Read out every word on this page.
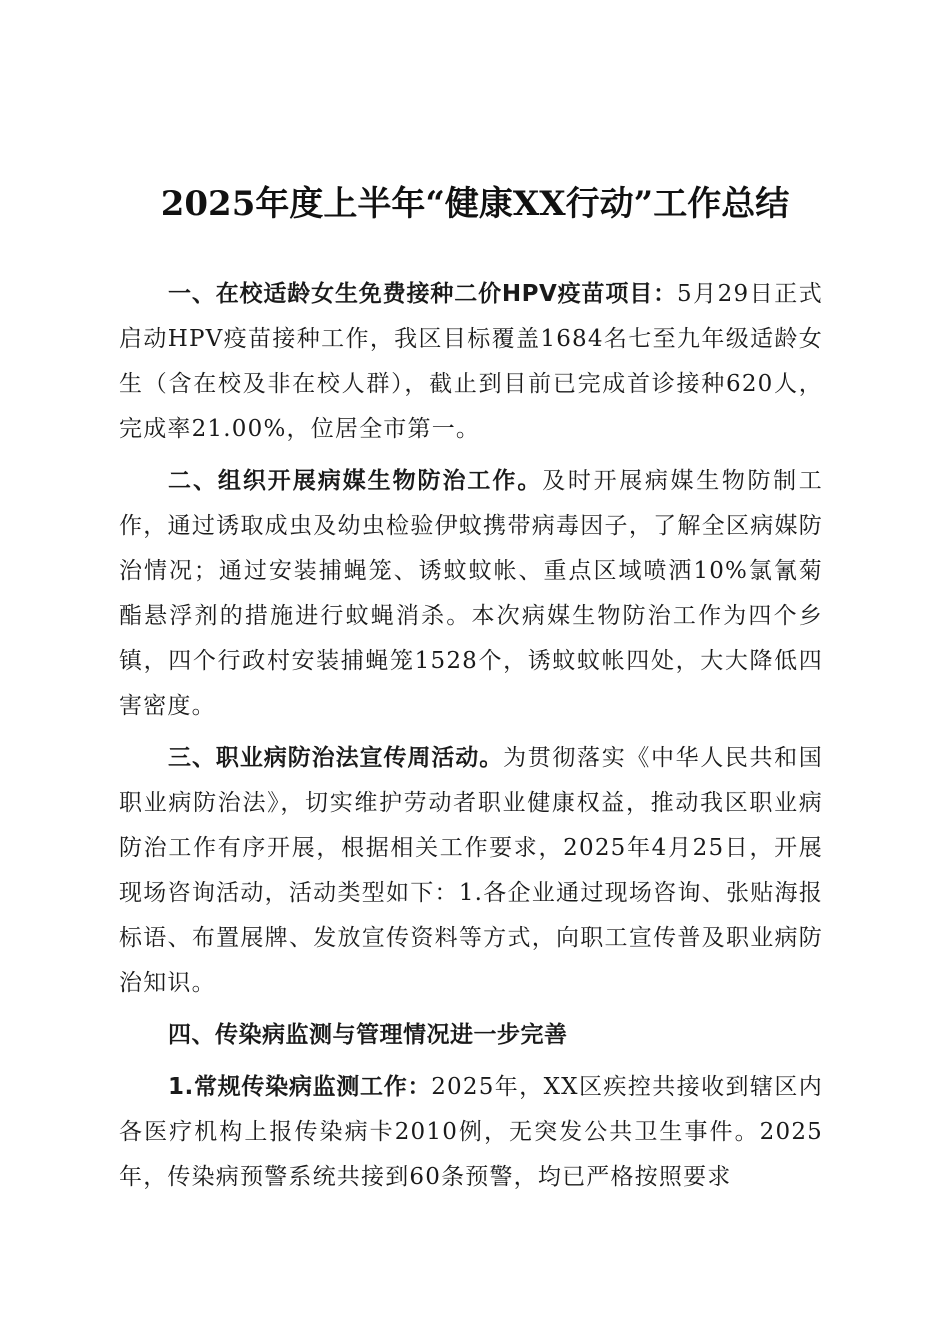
2025年度上半年“健康XX行动”工作总结

一、在校适龄女生免费接种二价HPV疫苗项目：5月29日正式启动HPV疫苗接种工作，我区目标覆盖1684名七至九年级适龄女生（含在校及非在校人群），截止到目前已完成首诊接种620人，完成率21.00%，位居全市第一。

二、组织开展病媒生物防治工作。及时开展病媒生物防制工作，通过诱取成虫及幼虫检验伊蚊携带病毒因子，了解全区病媒防治情况；通过安装捕蝇笼、诱蚊蚊帐、重点区域喷洒10%氯氰菊酯悬浮剂的措施进行蚊蝇消杀。本次病媒生物防治工作为四个乡镇，四个行政村安装捕蝇笼1528个，诱蚊蚊帐四处，大大降低四害密度。

三、职业病防治法宣传周活动。为贯彻落实《中华人民共和国职业病防治法》，切实维护劳动者职业健康权益，推动我区职业病防治工作有序开展，根据相关工作要求，2025年4月25日，开展现场咨询活动，活动类型如下：1.各企业通过现场咨询、张贴海报标语、布置展牌、发放宣传资料等方式，向职工宣传普及职业病防治知识。

四、传染病监测与管理情况进一步完善

1.常规传染病监测工作：2025年，XX区疾控共接收到辖区内各医疗机构上报传染病卡2010例，无突发公共卫生事件。2025年，传染病预警系统共接到60条预警，均已严格按照要求
